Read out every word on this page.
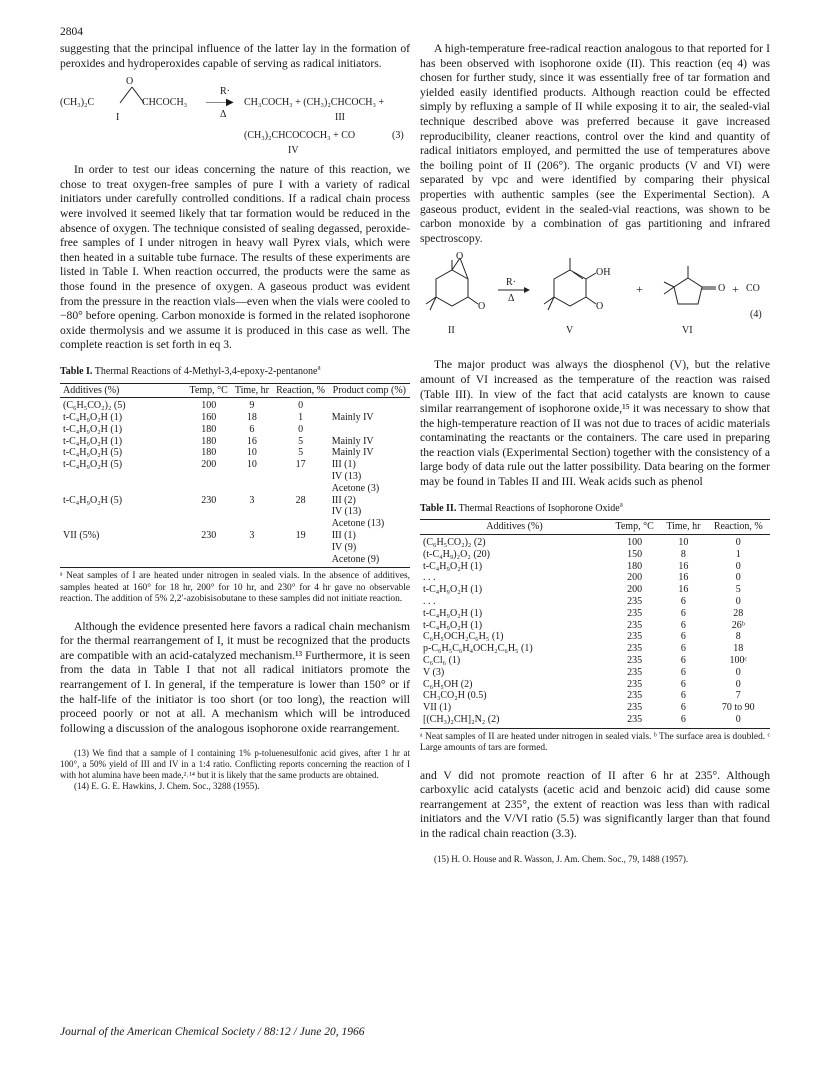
2804

suggesting that the principal influence of the latter lay in the formation of peroxides and hydroperoxides capable of serving as radical initiators.

O
(CH₃)₂C	CHCOCH₃
R·
——▶
Δ
CH₃COCH₃ + (CH₃)₂CHCOCH₃ +
I	III
(CH₃)₂CHCOCOCH₃ + CO	(3)
IV

In order to test our ideas concerning the nature of this reaction, we chose to treat oxygen-free samples of pure I with a variety of radical initiators under carefully controlled conditions. If a radical chain process were involved it seemed likely that tar formation would be reduced in the absence of oxygen. The technique consisted of sealing degassed, peroxide-free samples of I under nitrogen in heavy wall Pyrex vials, which were then heated in a suitable tube furnace. The results of these experiments are listed in Table I. When reaction occurred, the products were the same as those found in the presence of oxygen. A gaseous product was evident from the pressure in the reaction vials—even when the vials were cooled to −80° before opening. Carbon monoxide is formed in the related isophorone oxide thermolysis and we assume it is produced in this case as well. The complete reaction is set forth in eq 3.

Table I. Thermal Reactions of 4-Methyl-3,4-epoxy-2-pentanone$^a$
Additives (%)	Temp, °C	Time, hr	Reaction, %	Product comp (%)
(C₆H₅CO₂)₂ (5)	100	9	0	
t-C₄H₉O₂H (1)	160	18	1	Mainly IV
t-C₄H₉O₂H (1)	180	6	0	
t-C₄H₉O₂H (1)	180	16	5	Mainly IV
t-C₄H₉O₂H (5)	180	10	5	Mainly IV
t-C₄H₉O₂H (5)	200	10	17	III (1)
IV (13)
Acetone (3)
t-C₄H₉O₂H (5)	230	3	28	III (2)
IV (13)
Acetone (13)
VII (5%)	230	3	19	III (1)
IV (9)
Acetone (9)
ᵃ Neat samples of I are heated under nitrogen in sealed vials. In the absence of additives, samples heated at 160° for 18 hr, 200° for 10 hr, and 230° for 4 hr gave no observable reaction. The addition of 5% 2,2′-azobisisobutane to these samples did not initiate reaction.

Although the evidence presented here favors a radical chain mechanism for the thermal rearrangement of I, it must be recognized that the products are compatible with an acid-catalyzed mechanism.¹³ Furthermore, it is seen from the data in Table I that not all radical initiators promote the rearrangement of I. In general, if the temperature is lower than 150° or if the half-life of the initiator is too short (or too long), the reaction will proceed poorly or not at all. A mechanism which will be introduced following a discussion of the analogous isophorone oxide rearrangement.

(13) We find that a sample of I containing 1% p-toluenesulfonic acid gives, after 1 hr at 100°, a 50% yield of III and IV in a 1:4 ratio. Conflicting reports concerning the reaction of I with hot alumina have been made,²˒¹⁴ but it is likely that the same products are obtained.

(14) E. G. E. Hawkins, J. Chem. Soc., 3288 (1955).

A high-temperature free-radical reaction analogous to that reported for I has been observed with isophorone oxide (II). This reaction (eq 4) was chosen for further study, since it was essentially free of tar formation and yielded easily identified products. Although reaction could be effected simply by refluxing a sample of II while exposing it to air, the sealed-vial technique described above was preferred because it gave increased reproducibility, cleaner reactions, control over the kind and quantity of radical initiators employed, and permitted the use of temperatures above the boiling point of II (206°). The organic products (V and VI) were separated by vpc and were identified by comparing their physical properties with authentic samples (see the Experimental Section). A gaseous product, evident in the sealed-vial reactions, was shown to be carbon monoxide by a combination of gas partitioning and infrared spectroscopy.

O
O
R·
Δ
OH
O
+	O + CO
(4)
II	V	VI

The major product was always the diosphenol (V), but the relative amount of VI increased as the temperature of the reaction was raised (Table III). In view of the fact that acid catalysts are known to cause similar rearrangement of isophorone oxide,¹⁵ it was necessary to show that the high-temperature reaction of II was not due to traces of acidic materials contaminating the reactants or the containers. The care used in preparing the reaction vials (Experimental Section) together with the consistency of a large body of data rule out the latter possibility. Data bearing on the former may be found in Tables II and III. Weak acids such as phenol

Table II. Thermal Reactions of Isophorone Oxide$^a$
Additives (%)	Temp, °C	Time, hr	Reaction, %
(C₆H₅CO₂)₂ (2)	100	10	0
(t-C₄H₉)₂O₂ (20)	150	8	1
t-C₄H₉O₂H (1)	180	16	0
. . .	200	16	0
t-C₄H₉O₂H (1)	200	16	5
. . .	235	6	0
t-C₄H₉O₂H (1)	235	6	28
t-C₄H₉O₂H (1)	235	6	26ᵇ
C₆H₅OCH₂C₆H₅ (1)	235	6	8
p-C₆H₅C₆H₄OCH₂C₆H₅ (1)	235	6	18
C₆Cl₆ (1)	235	6	100ᶜ
V (3)	235	6	0
C₆H₅OH (2)	235	6	0
CH₃CO₂H (0.5)	235	6	7
VII (1)	235	6	70 to 90
[(CH₃)₂CH]₂N₂ (2)	235	6	0
ᵃ Neat samples of II are heated under nitrogen in sealed vials. ᵇ The surface area is doubled. ᶜ Large amounts of tars are formed.

and V did not promote reaction of II after 6 hr at 235°. Although carboxylic acid catalysts (acetic acid and benzoic acid) did cause some rearrangement at 235°, the extent of reaction was less than with radical initiators and the V/VI ratio (5.5) was significantly larger than that found in the radical chain reaction (3.3).

(15) H. O. House and R. Wasson, J. Am. Chem. Soc., 79, 1488 (1957).

Journal of the American Chemical Society / 88:12 / June 20, 1966
